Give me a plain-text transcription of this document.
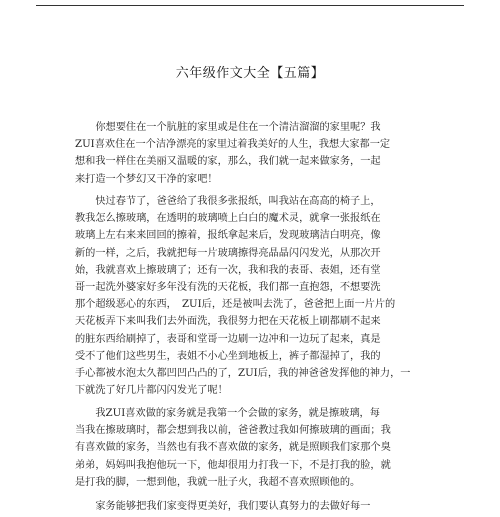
六年级作文大全【五篇】

　　你想要住在一个肮脏的家里或是住在一个清洁溜溜的家里呢？我
ZUI喜欢住在一个洁净漂亮的家里过着我美好的人生，我想大家都一定
想和我一样住在美丽又温暖的家，那么，我们就一起来做家务，一起
来打造一个梦幻又干净的家吧！

　　快过春节了，爸爸给了我很多张报纸，叫我站在高高的椅子上，
教我怎么擦玻璃，在透明的玻璃喷上白白的魔术灵，就拿一张报纸在
玻璃上左右来来回回的擦着，报纸拿起来后，发现玻璃洁白明亮，像
新的一样，之后，我就把每一片玻璃擦得亮晶晶闪闪发光，从那次开
始，我就喜欢上擦玻璃了；还有一次，我和我的表哥、表姐，还有堂
哥一起洗外婆家好多年没有洗的天花板，我们都一直抱怨，不想要洗
那个超级恶心的东西，　ZUI后，还是被叫去洗了，爸爸把上面一片片的
天花板弄下来叫我们去外面洗，我很努力把在天花板上刷都刷不起来
的脏东西给刷掉了，表哥和堂哥一边刷一边冲和一边玩了起来，真是
受不了他们这些男生，表姐不小心坐到地板上，裤子都湿掉了，我的
手心都被水泡太久都凹凹凸凸的了，ZUI后，我的神爸爸发挥他的神力，一
下就洗了好几片都闪闪发光了呢！

　　我ZUI喜欢做的家务就是我第一个会做的家务，就是擦玻璃，每
当我在擦玻璃时，都会想到我以前，爸爸教过我如何擦玻璃的画面；我
有喜欢做的家务，当然也有我不喜欢做的家务，就是照顾我们家那个臭
弟弟，妈妈叫我抱他玩一下，他却很用力打我一下，不是打我的脸，就
是打我的脚，一想到他，我就一肚子火，我超不喜欢照顾他的。

　　家务能够把我们家变得更美好，我们要认真努力的去做好每一
